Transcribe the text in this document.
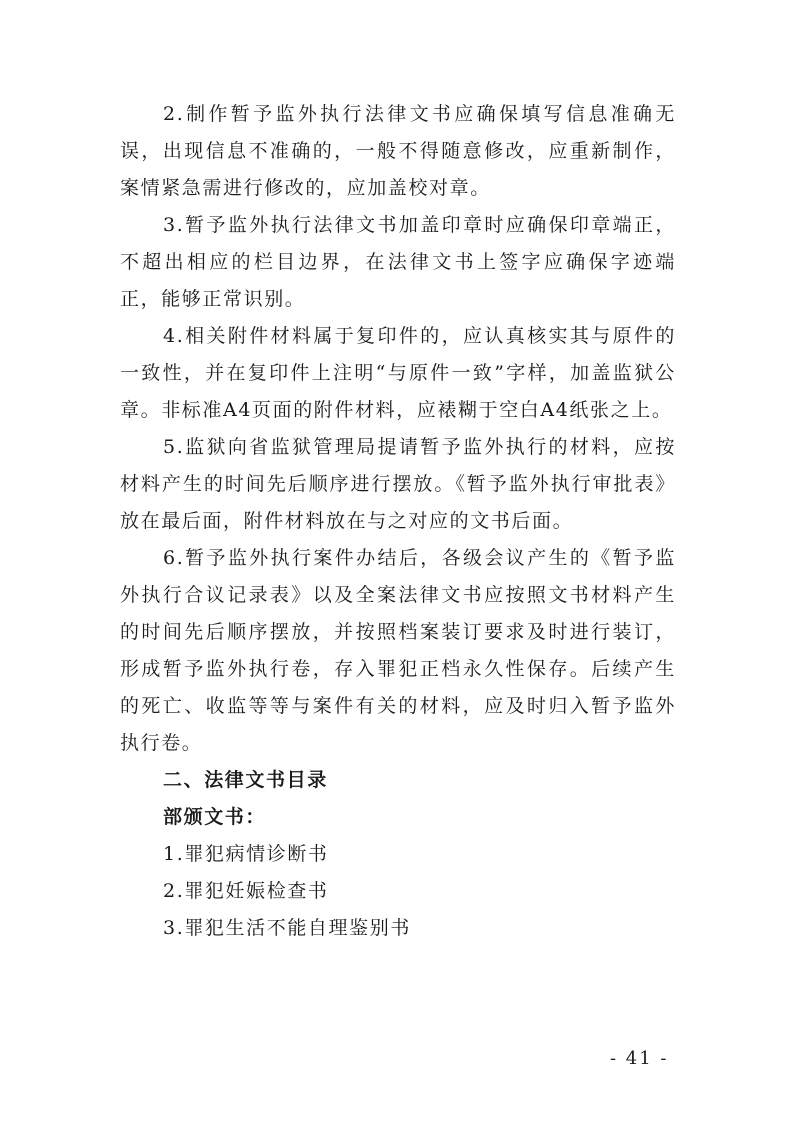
2.制作暂予监外执行法律文书应确保填写信息准确无误，出现信息不准确的，一般不得随意修改，应重新制作，案情紧急需进行修改的，应加盖校对章。

3.暂予监外执行法律文书加盖印章时应确保印章端正，不超出相应的栏目边界，在法律文书上签字应确保字迹端正，能够正常识别。

4.相关附件材料属于复印件的，应认真核实其与原件的一致性，并在复印件上注明“与原件一致”字样，加盖监狱公章。非标准A4页面的附件材料，应裱糊于空白A4纸张之上。

5.监狱向省监狱管理局提请暂予监外执行的材料，应按材料产生的时间先后顺序进行摆放。《暂予监外执行审批表》放在最后面，附件材料放在与之对应的文书后面。

6.暂予监外执行案件办结后，各级会议产生的《暂予监外执行合议记录表》以及全案法律文书应按照文书材料产生的时间先后顺序摆放，并按照档案装订要求及时进行装订，形成暂予监外执行卷，存入罪犯正档永久性保存。后续产生的死亡、收监等等与案件有关的材料，应及时归入暂予监外执行卷。

二、法律文书目录

部颁文书：

1.罪犯病情诊断书

2.罪犯妊娠检查书

3.罪犯生活不能自理鉴别书

- 41 -
